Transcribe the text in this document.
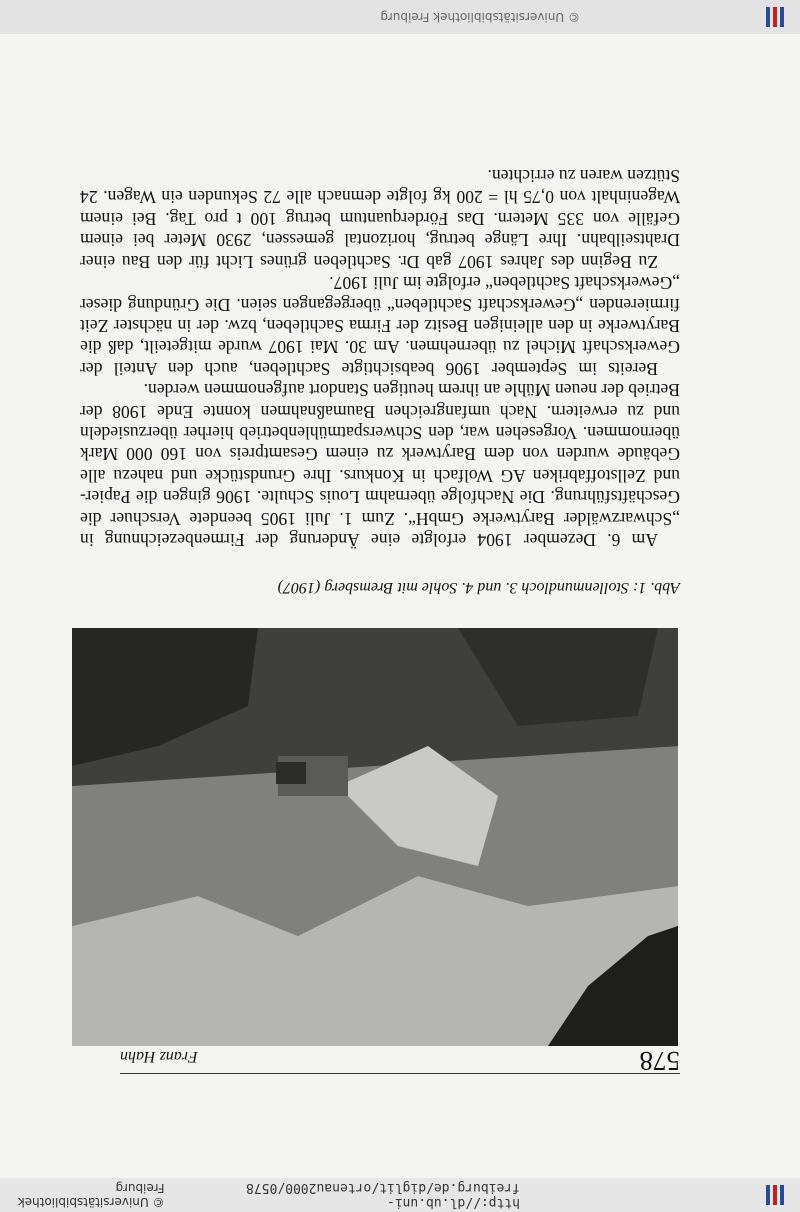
http://dl.ub.uni-freiburg.de/diglit/ortenau2000/0578
© Universitätsbibliothek Freiburg
578
Franz Hahn
Abb. 1: Stollenmundloch 3. und 4. Sohle mit Bremsberg (1907)

Am 6. Dezember 1904 erfolgte eine Änderung der Firmenbezeichnung in „Schwarzwälder Barytwerke GmbH“. Zum 1. Juli 1905 beendete Verschuer die Geschäftsführung. Die Nachfolge übernahm Louis Schulte. 1906 gingen die Papier- und Zellstoffabriken AG Wolfach in Konkurs. Ihre Grundstücke und nahezu alle Gebäude wurden von dem Barytwerk zu einem Gesamtpreis von 160 000 Mark übernommen. Vorgesehen war, den Schwerspatmühlenbetrieb hierher überzusiedeln und zu erweitern. Nach umfangreichen Baumaßnahmen konnte Ende 1908 der Betrieb der neuen Mühle an ihrem heutigen Standort aufgenommen werden.

Bereits im September 1906 beabsichtigte Sachtleben, auch den Anteil der Gewerkschaft Michel zu übernehmen. Am 30. Mai 1907 wurde mitgeteilt, daß die Barytwerke in den alleinigen Besitz der Firma Sachtleben, bzw. der in nächster Zeit firmierenden „Gewerkschaft Sachtleben“ übergegangen seien. Die Gründung dieser „Gewerkschaft Sachtleben“ erfolgte im Juli 1907.

Zu Beginn des Jahres 1907 gab Dr. Sachtleben grünes Licht für den Bau einer Drahtseilbahn. Ihre Länge betrug, horizontal gemessen, 2930 Meter bei einem Gefälle von 335 Metern. Das Förderquantum betrug 100 t pro Tag. Bei einem Wageninhalt von 0,75 hl = 200 kg folgte demnach alle 72 Sekunden ein Wagen. 24 Stützen waren zu errichten.

© Universitätsbibliothek Freiburg
